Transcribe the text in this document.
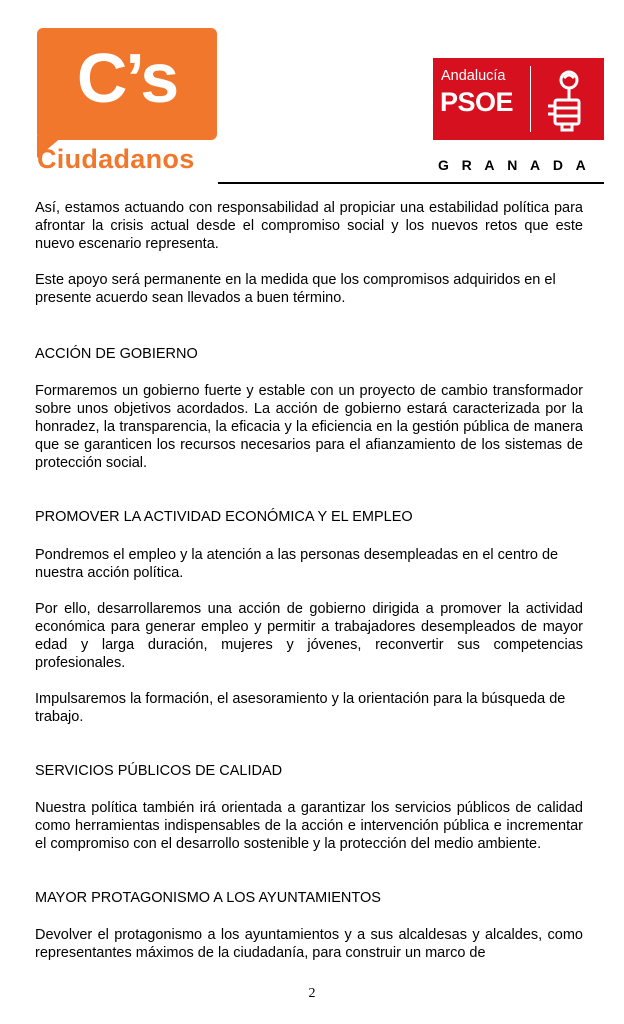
C’s
Ciudadanos
Andalucía
PSOE
GRANADA

Así, estamos actuando con responsabilidad al propiciar una estabilidad política para afrontar la crisis actual desde el compromiso social y los nuevos retos que este nuevo escenario representa.

Este apoyo será permanente en la medida que los compromisos adquiridos en el presente acuerdo sean llevados a buen término.

ACCIÓN DE GOBIERNO

Formaremos un gobierno fuerte y estable con un proyecto de cambio transformador sobre unos objetivos acordados. La acción de gobierno estará caracterizada por la honradez, la transparencia, la eficacia y la eficiencia en la gestión pública de manera que se garanticen los recursos necesarios para el afianzamiento de los sistemas de protección social.

PROMOVER LA ACTIVIDAD ECONÓMICA Y EL EMPLEO

Pondremos el empleo y la atención a las personas desempleadas en el centro de nuestra acción política.

Por ello, desarrollaremos una acción de gobierno dirigida a promover la actividad económica para generar empleo y permitir a trabajadores desempleados de mayor edad y larga duración, mujeres y jóvenes, reconvertir sus competencias profesionales.

Impulsaremos la formación, el asesoramiento y la orientación para la búsqueda de trabajo.

SERVICIOS PÚBLICOS DE CALIDAD

Nuestra política también irá orientada a garantizar los servicios públicos de calidad como herramientas indispensables de la acción e intervención pública e incrementar el compromiso con el desarrollo sostenible y la protección del medio ambiente.

MAYOR PROTAGONISMO A LOS AYUNTAMIENTOS

Devolver el protagonismo a los ayuntamientos y a sus alcaldesas y alcaldes, como representantes máximos de la ciudadanía, para construir un marco de

2
